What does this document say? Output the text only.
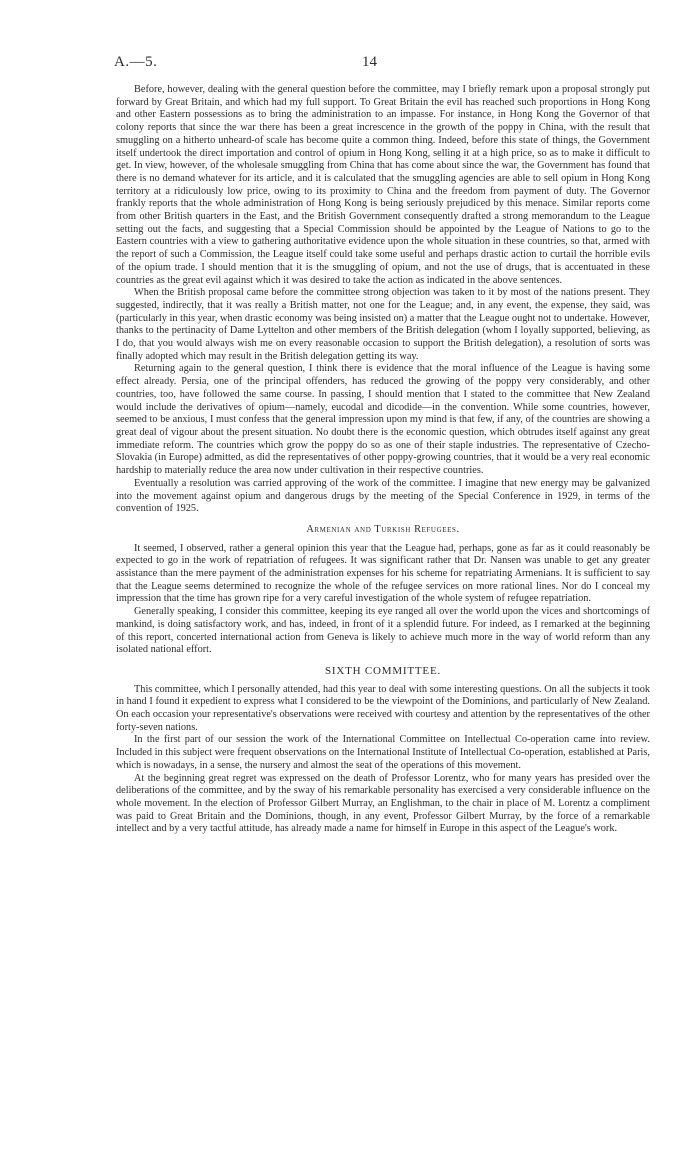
A.—5.	14

Before, however, dealing with the general question before the committee, may I briefly remark upon a proposal strongly put forward by Great Britain, and which had my full support. To Great Britain the evil has reached such proportions in Hong Kong and other Eastern possessions as to bring the administration to an impasse. For instance, in Hong Kong the Governor of that colony reports that since the war there has been a great increscence in the growth of the poppy in China, with the result that smuggling on a hitherto unheard-of scale has become quite a common thing. Indeed, before this state of things, the Government itself undertook the direct importation and control of opium in Hong Kong, selling it at a high price, so as to make it difficult to get. In view, however, of the wholesale smuggling from China that has come about since the war, the Government has found that there is no demand whatever for its article, and it is calculated that the smuggling agencies are able to sell opium in Hong Kong territory at a ridiculously low price, owing to its proximity to China and the freedom from payment of duty. The Governor frankly reports that the whole administration of Hong Kong is being seriously prejudiced by this menace. Similar reports come from other British quarters in the East, and the British Government consequently drafted a strong memorandum to the League setting out the facts, and suggesting that a Special Commission should be appointed by the League of Nations to go to the Eastern countries with a view to gathering authoritative evidence upon the whole situation in these countries, so that, armed with the report of such a Commission, the League itself could take some useful and perhaps drastic action to curtail the horrible evils of the opium trade. I should mention that it is the smuggling of opium, and not the use of drugs, that is accentuated in these countries as the great evil against which it was desired to take the action as indicated in the above sentences.

When the British proposal came before the committee strong objection was taken to it by most of the nations present. They suggested, indirectly, that it was really a British matter, not one for the League; and, in any event, the expense, they said, was (particularly in this year, when drastic economy was being insisted on) a matter that the League ought not to undertake. However, thanks to the pertinacity of Dame Lyttelton and other members of the British delegation (whom I loyally supported, believing, as I do, that you would always wish me on every reasonable occasion to support the British delegation), a resolution of sorts was finally adopted which may result in the British delegation getting its way.

Returning again to the general question, I think there is evidence that the moral influence of the League is having some effect already. Persia, one of the principal offenders, has reduced the growing of the poppy very considerably, and other countries, too, have followed the same course. In passing, I should mention that I stated to the committee that New Zealand would include the derivatives of opium—namely, eucodal and dicodide—in the convention. While some countries, however, seemed to be anxious, I must confess that the general impression upon my mind is that few, if any, of the countries are showing a great deal of vigour about the present situation. No doubt there is the economic question, which obtrudes itself against any great immediate reform. The countries which grow the poppy do so as one of their staple industries. The representative of Czecho-Slovakia (in Europe) admitted, as did the representatives of other poppy-growing countries, that it would be a very real economic hardship to materially reduce the area now under cultivation in their respective countries.

Eventually a resolution was carried approving of the work of the committee. I imagine that new energy may be galvanized into the movement against opium and dangerous drugs by the meeting of the Special Conference in 1929, in terms of the convention of 1925.

Armenian and Turkish Refugees.

It seemed, I observed, rather a general opinion this year that the League had, perhaps, gone as far as it could reasonably be expected to go in the work of repatriation of refugees. It was significant rather that Dr. Nansen was unable to get any greater assistance than the mere payment of the administration expenses for his scheme for repatriating Armenians. It is sufficient to say that the League seems determined to recognize the whole of the refugee services on more rational lines. Nor do I conceal my impression that the time has grown ripe for a very careful investigation of the whole system of refugee repatriation.

Generally speaking, I consider this committee, keeping its eye ranged all over the world upon the vices and shortcomings of mankind, is doing satisfactory work, and has, indeed, in front of it a splendid future. For indeed, as I remarked at the beginning of this report, concerted international action from Geneva is likely to achieve much more in the way of world reform than any isolated national effort.

SIXTH COMMITTEE.

This committee, which I personally attended, had this year to deal with some interesting questions. On all the subjects it took in hand I found it expedient to express what I considered to be the viewpoint of the Dominions, and particularly of New Zealand. On each occasion your representative's observations were received with courtesy and attention by the representatives of the other forty-seven nations.

In the first part of our session the work of the International Committee on Intellectual Co-operation came into review. Included in this subject were frequent observations on the International Institute of Intellectual Co-operation, established at Paris, which is nowadays, in a sense, the nursery and almost the seat of the operations of this movement.

At the beginning great regret was expressed on the death of Professor Lorentz, who for many years has presided over the deliberations of the committee, and by the sway of his remarkable personality has exercised a very considerable influence on the whole movement. In the election of Professor Gilbert Murray, an Englishman, to the chair in place of M. Lorentz a compliment was paid to Great Britain and the Dominions, though, in any event, Professor Gilbert Murray, by the force of a remarkable intellect and by a very tactful attitude, has already made a name for himself in Europe in this aspect of the League's work.
